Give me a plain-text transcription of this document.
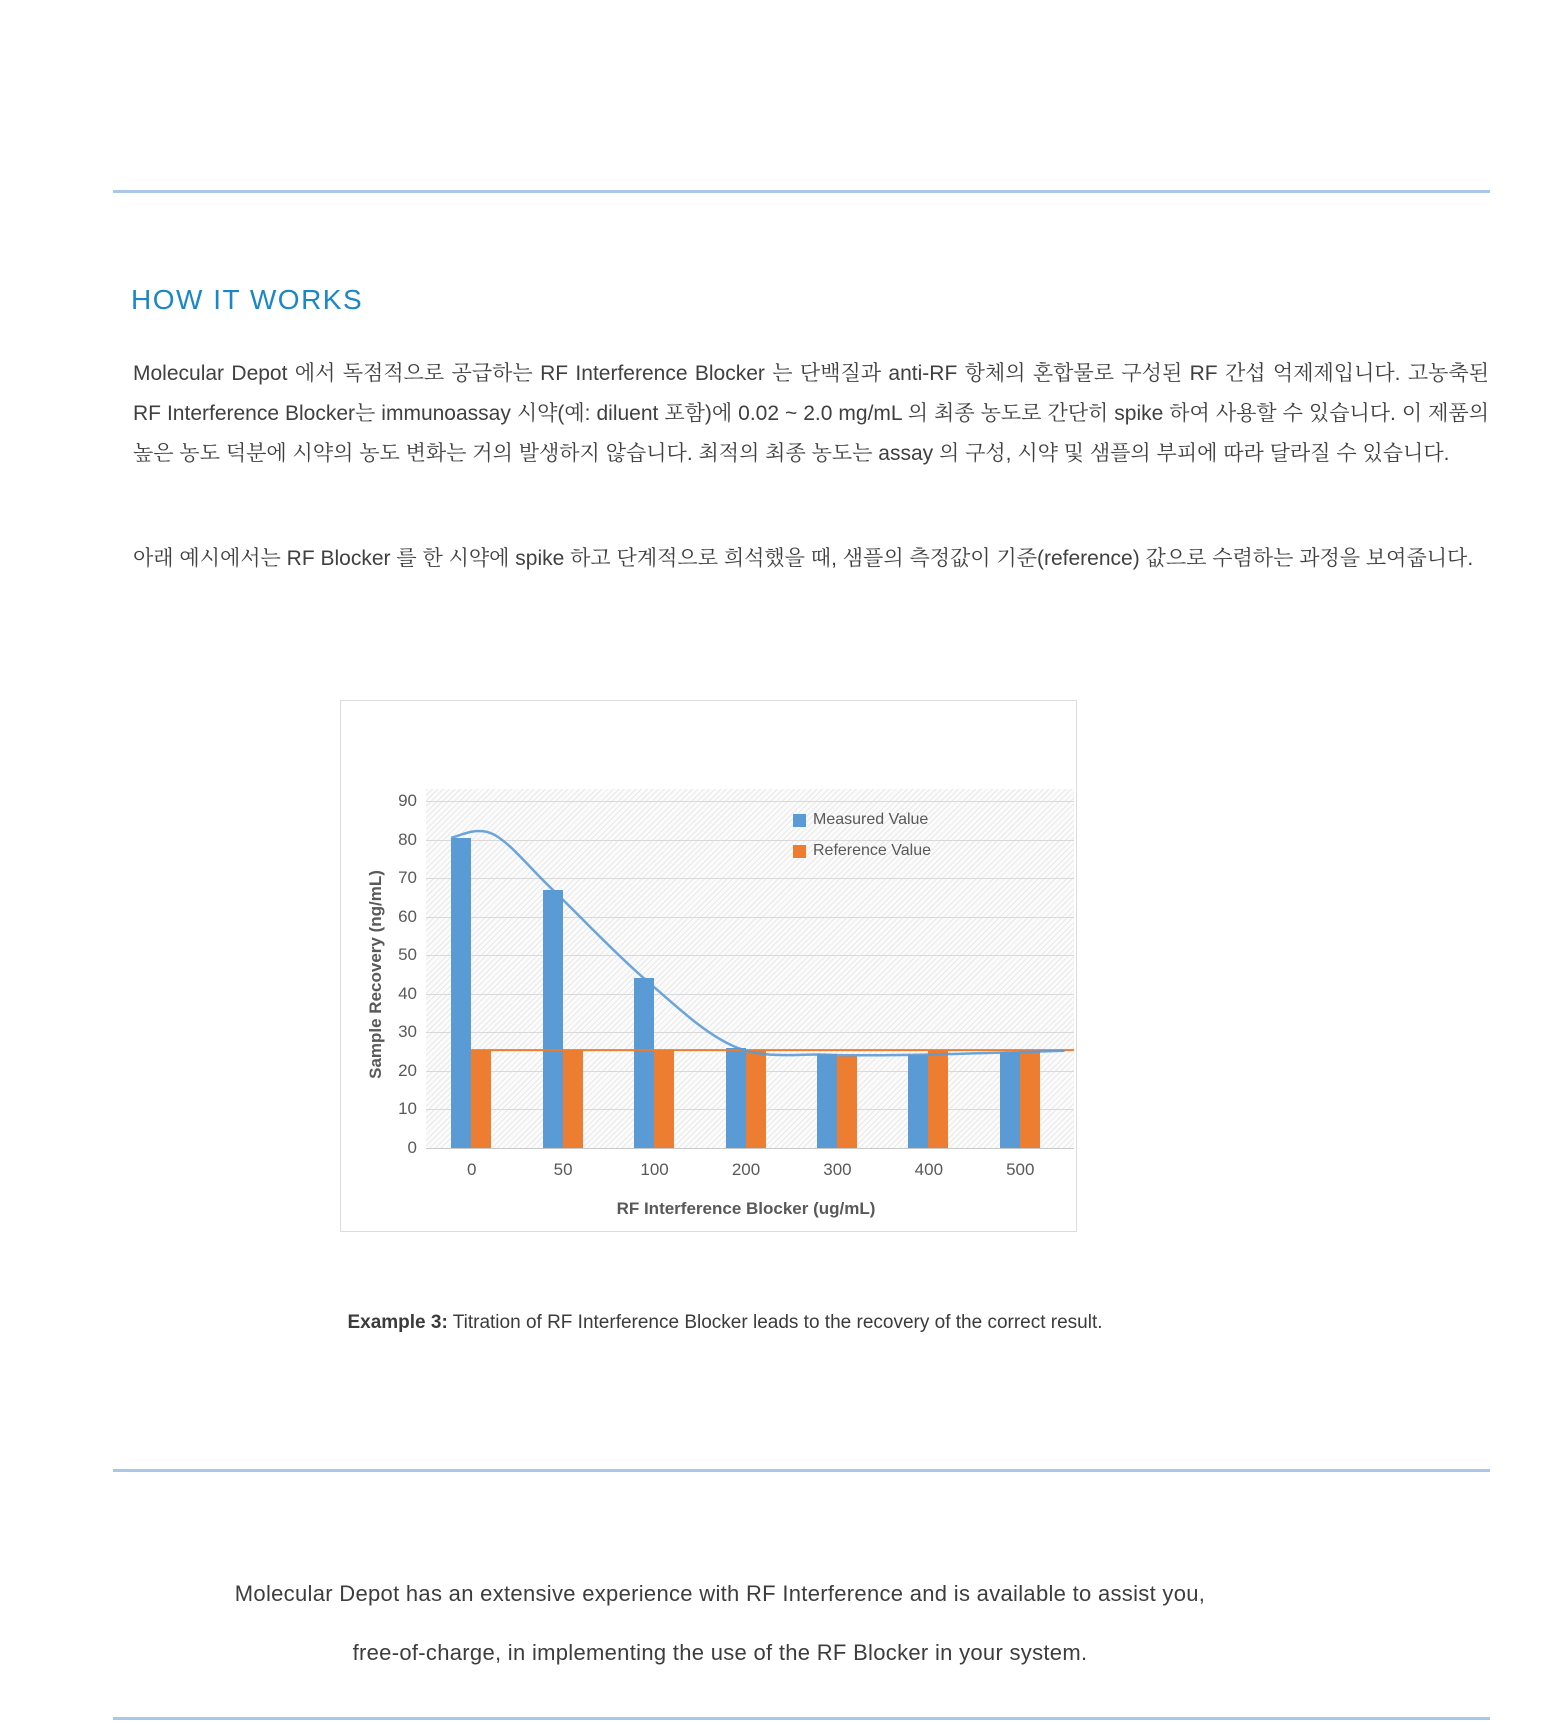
HOW IT WORKS

Molecular Depot 에서 독점적으로 공급하는 RF Interference Blocker 는 단백질과 anti-RF 항체의 혼합물로 구성된 RF 간섭 억제제입니다. 고농축된 RF Interference Blocker는 immunoassay 시약(예: diluent 포함)에 0.02 ~ 2.0 mg/mL 의 최종 농도로 간단히 spike 하여 사용할 수 있습니다. 이 제품의 높은 농도 덕분에 시약의 농도 변화는 거의 발생하지 않습니다. 최적의 최종 농도는 assay 의 구성, 시약 및 샘플의 부피에 따라 달라질 수 있습니다.

아래 예시에서는 RF Blocker 를 한 시약에 spike 하고 단계적으로 희석했을 때, 샘플의 측정값이 기준(reference) 값으로 수렴하는 과정을 보여줍니다.

0
10
20
30
40
50
60
70
80
90
0	50	100	200	300	400	500
Sample Recovery (ng/mL)
RF Interference Blocker (ug/mL)
Measured Value
Reference Value

Example 3: Titration of RF Interference Blocker leads to the recovery of the correct result.

Molecular Depot has an extensive experience with RF Interference and is available to assist you,

free-of-charge, in implementing the use of the RF Blocker in your system.
